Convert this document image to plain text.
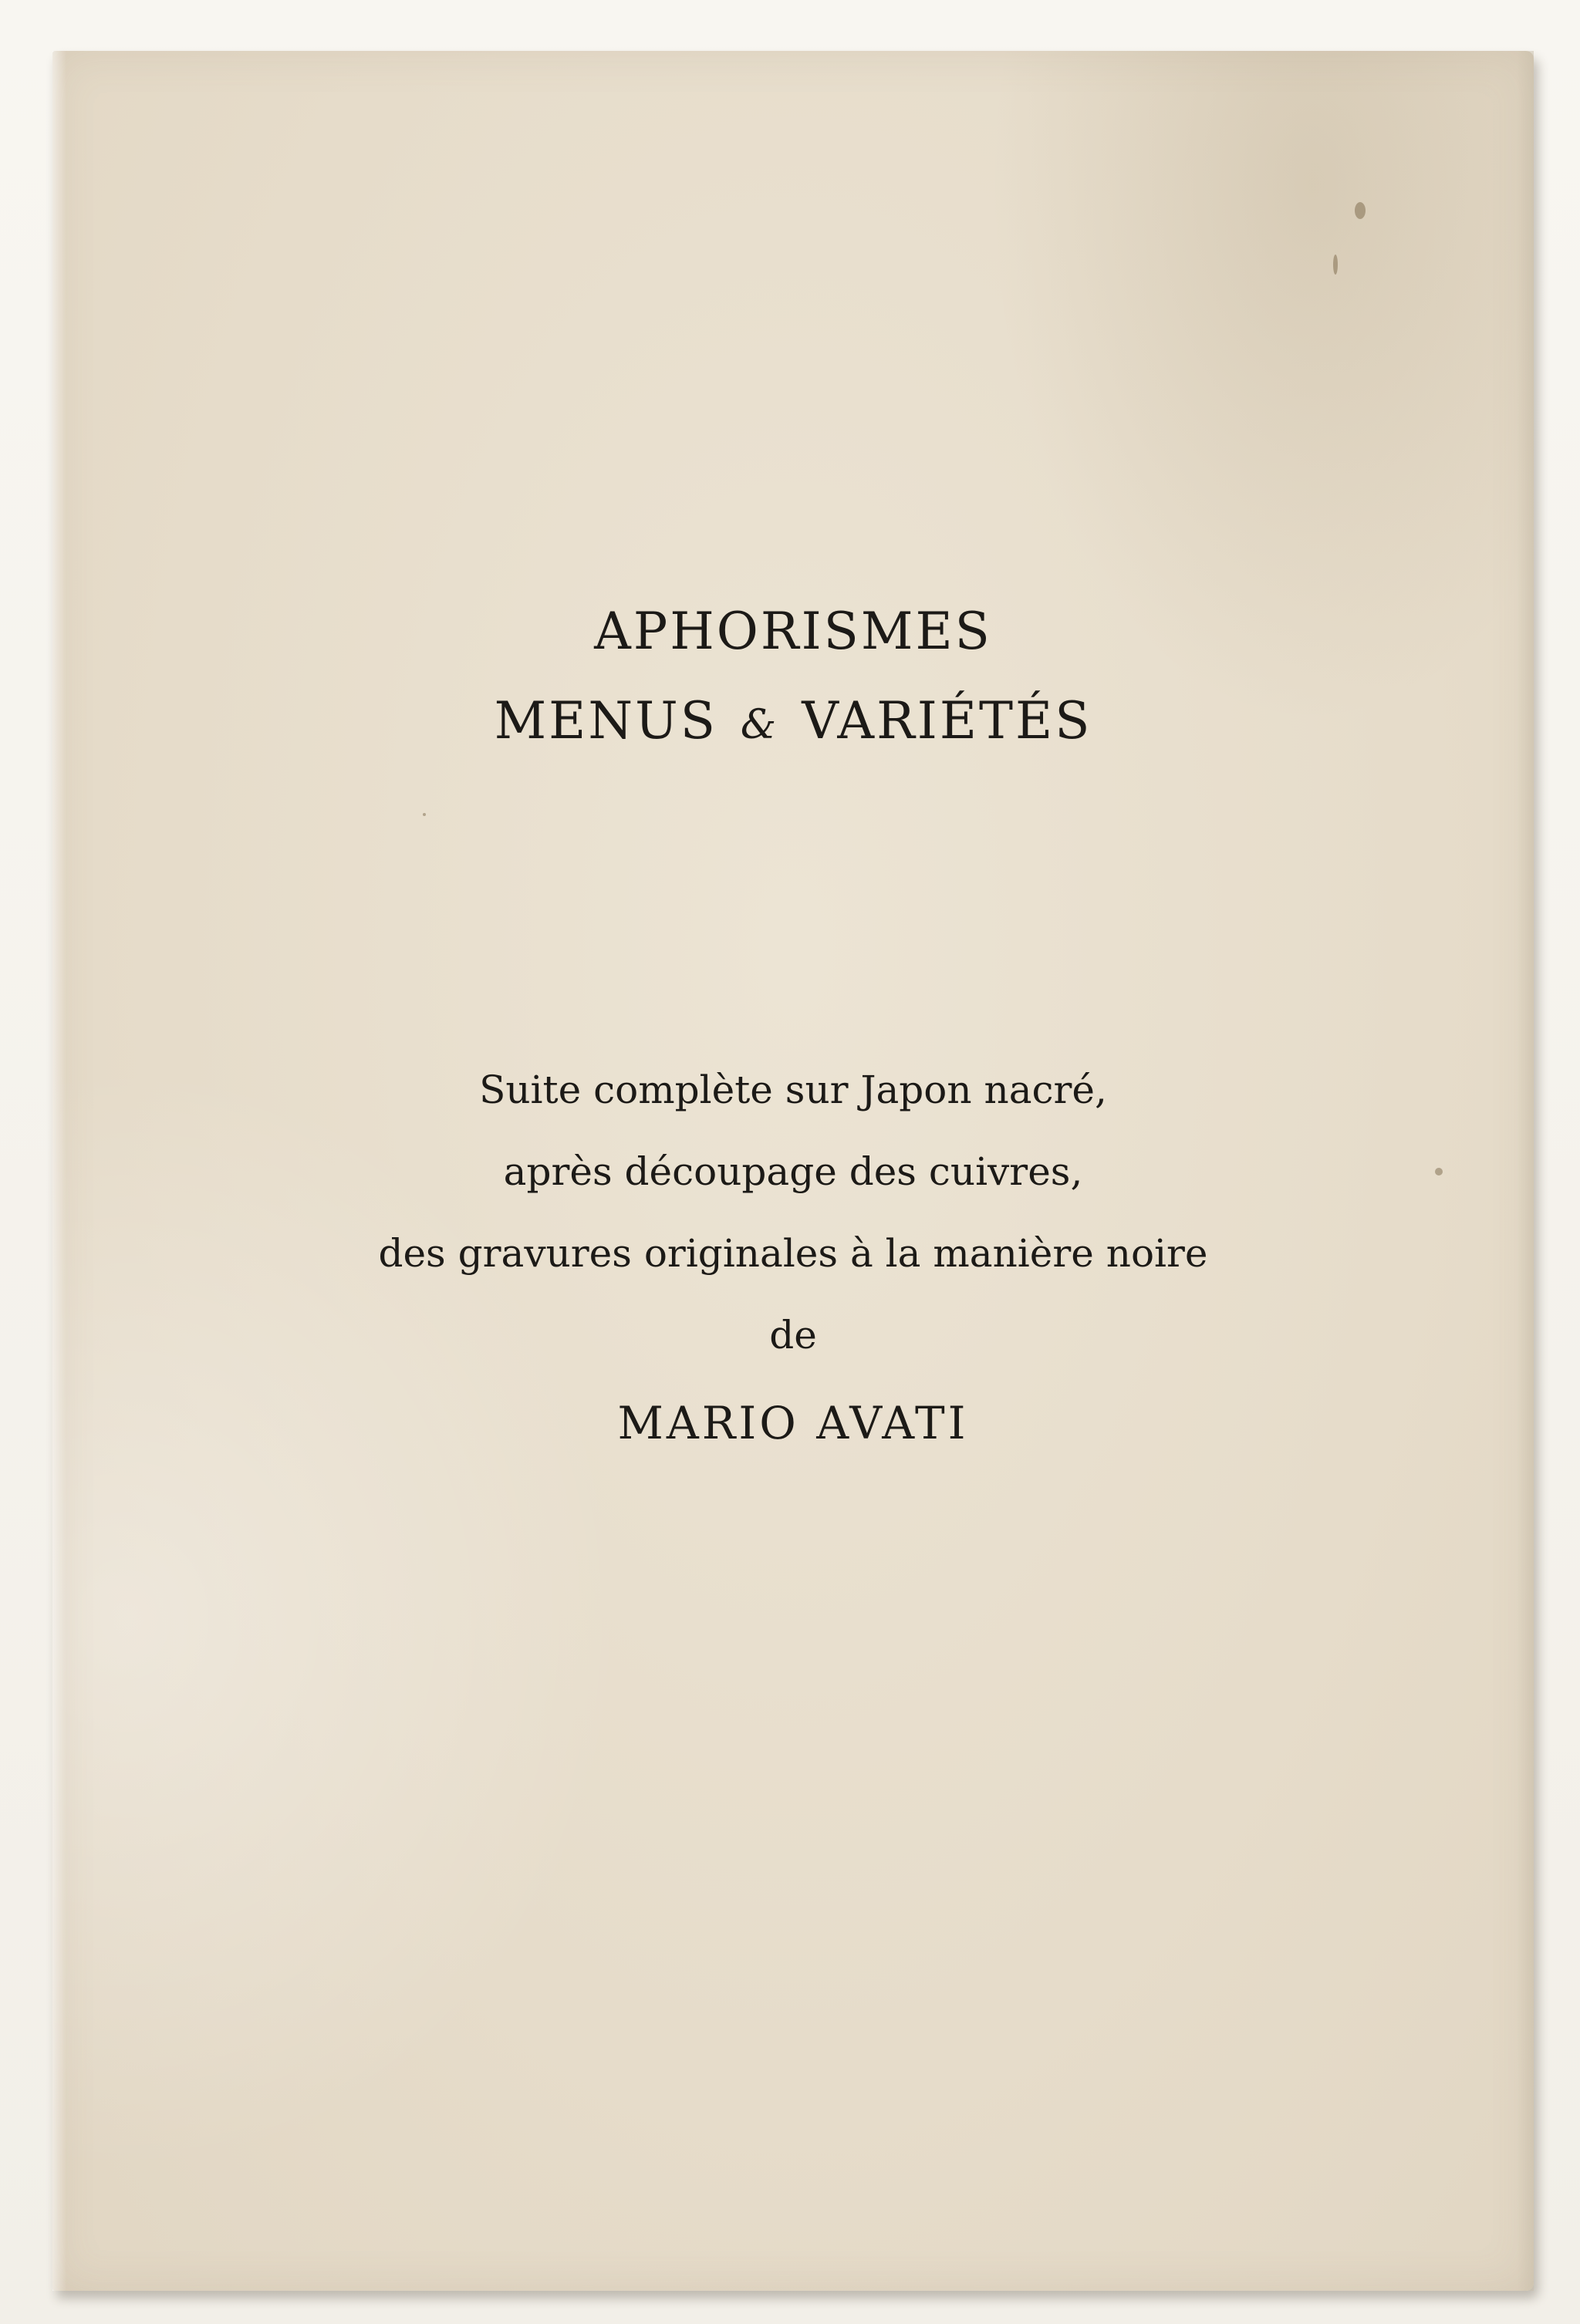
APHORISMES
MENUS & VARIÉTÉS
Suite complète sur Japon nacré,
après découpage des cuivres,
des gravures originales à la manière noire
de
MARIO AVATI
